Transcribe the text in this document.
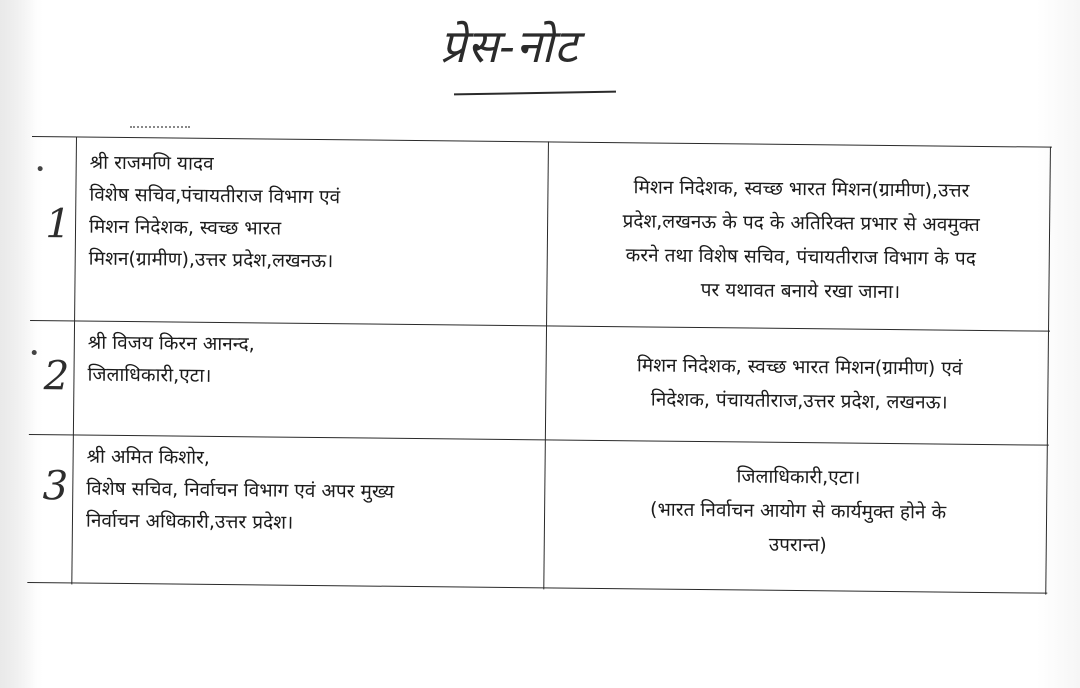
प्रेस-नोट
1
श्री राजमणि यादव
विशेष सचिव,पंचायतीराज विभाग एवं
मिशन निदेशक, स्वच्छ भारत
मिशन(ग्रामीण),उत्तर प्रदेश,लखनऊ।
मिशन निदेशक, स्वच्छ भारत मिशन(ग्रामीण),उत्तर
प्रदेश,लखनऊ के पद के अतिरिक्त प्रभार से अवमुक्त
करने तथा विशेष सचिव, पंचायतीराज विभाग के पद
पर यथावत बनाये रखा जाना।
2
श्री विजय किरन आनन्द,
जिलाधिकारी,एटा।	मिशन निदेशक, स्वच्छ भारत मिशन(ग्रामीण) एवं
निदेशक, पंचायतीराज,उत्तर प्रदेश, लखनऊ।
3
श्री अमित किशोर,
विशेष सचिव, निर्वाचन विभाग एवं अपर मुख्य
निर्वाचन अधिकारी,उत्तर प्रदेश।
जिलाधिकारी,एटा।
(भारत निर्वाचन आयोग से कार्यमुक्त होने के
उपरान्त)
